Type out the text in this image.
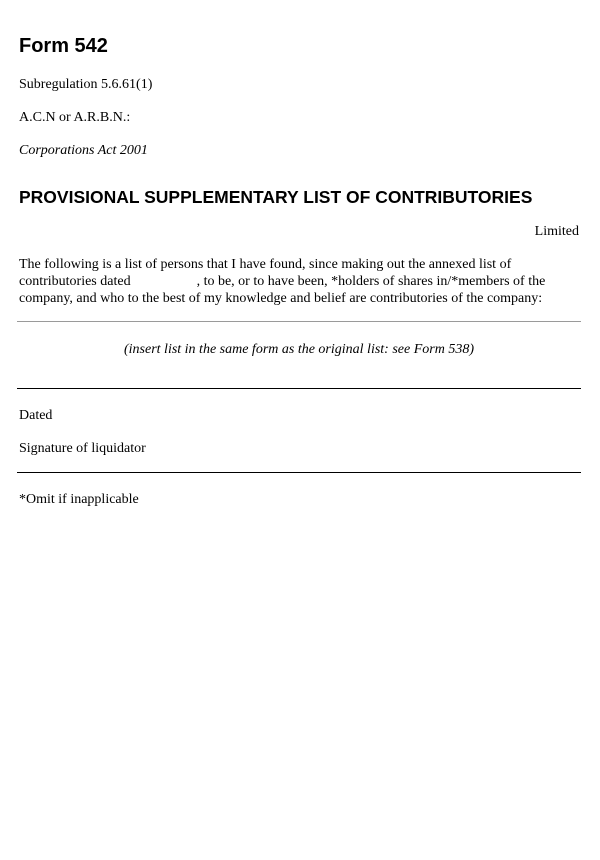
Form 542
Subregulation 5.6.61(1)
A.C.N or A.R.B.N.:
Corporations Act 2001
PROVISIONAL SUPPLEMENTARY LIST OF CONTRIBUTORIES
Limited
The following is a list of persons that I have found, since making out the annexed list of
contributories dated	, to be, or to have been, *holders of shares in/*members of the
company, and who to the best of my knowledge and belief are contributories of the company:
(insert list in the same form as the original list: see Form 538)
Dated
Signature of liquidator
*Omit if inapplicable
